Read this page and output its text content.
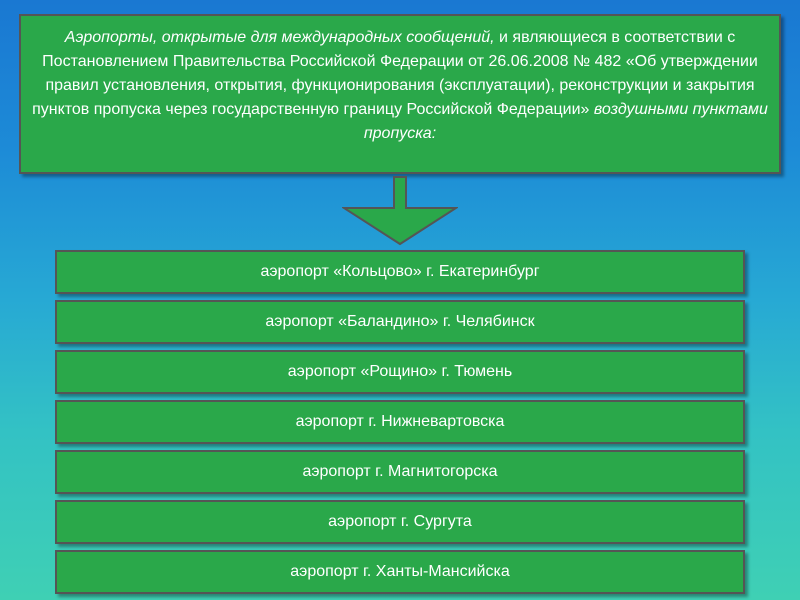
Аэропорты, открытые для международных сообщений, и являющиеся в соответствии с Постановлением Правительства Российской Федерации от 26.06.2008 № 482 «Об утверждении правил установления, открытия, функционирования (эксплуатации), реконструкции и закрытия пунктов пропуска через государственную границу Российской Федерации» воздушными пунктами пропуска:
аэропорт «Кольцово» г. Екатеринбург
аэропорт «Баландино» г. Челябинск
аэропорт «Рощино» г. Тюмень
аэропорт г. Нижневартовска
аэропорт г. Магнитогорска
аэропорт г. Сургута
аэропорт г. Ханты-Мансийска
